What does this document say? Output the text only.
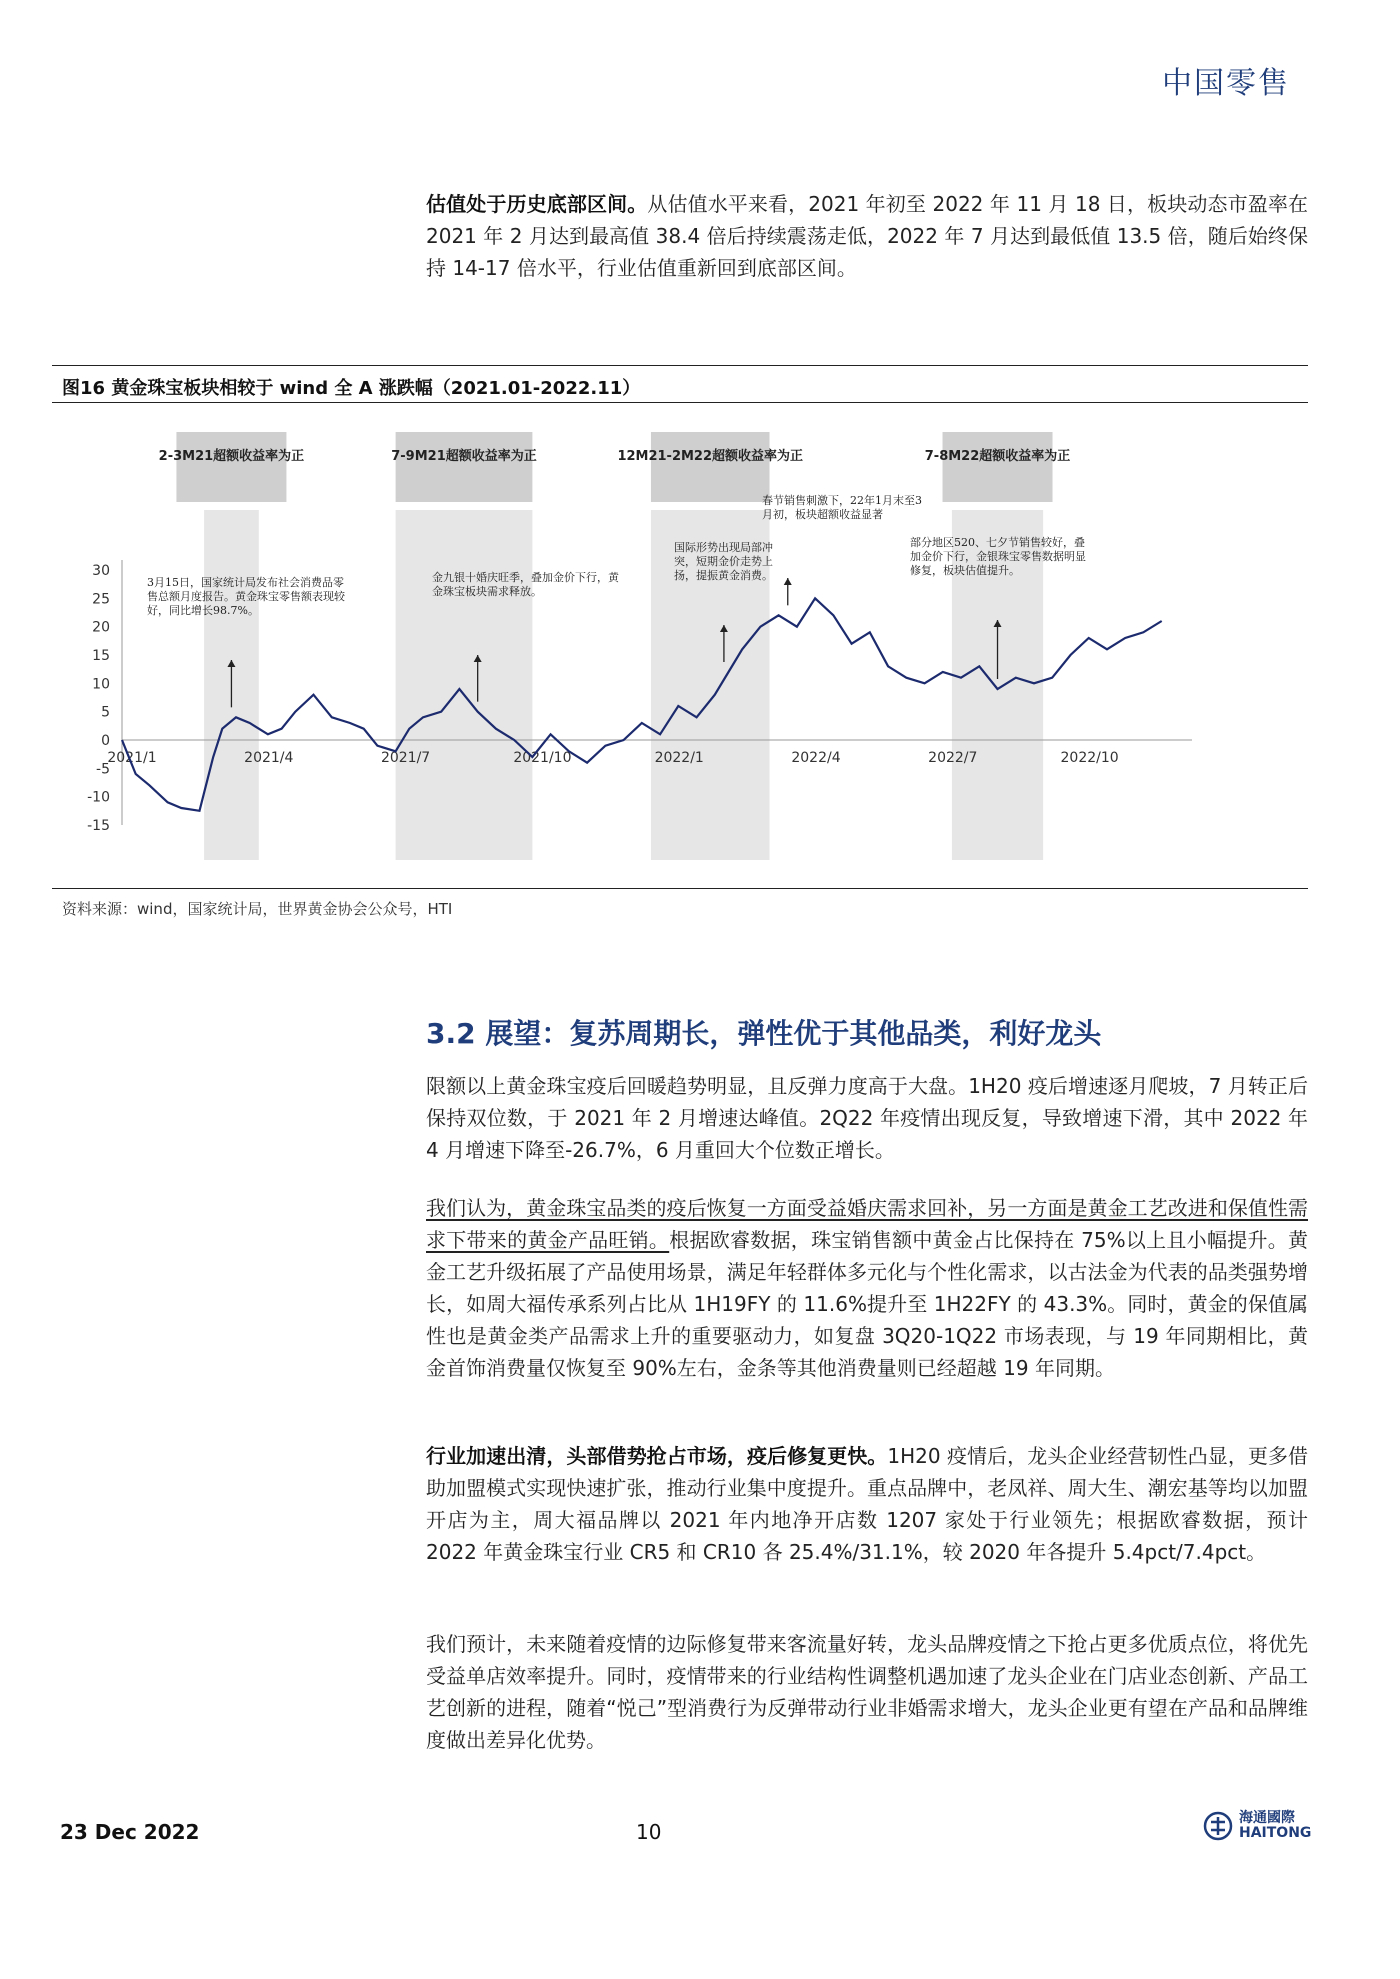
中国零售

估值处于历史底部区间。从估值水平来看，2021 年初至 2022 年 11 月 18 日，板块动态市盈率在 2021 年 2 月达到最高值 38.4 倍后持续震荡走低，2022 年 7 月达到最低值 13.5 倍，随后始终保持 14-17 倍水平，行业估值重新回到底部区间。

图16 黄金珠宝板块相较于 wind 全 A 涨跌幅（2021.01-2022.11）
2-3M21超额收益率为正	7-9M21超额收益率为正	12M21-2M22超额收益率为正	7-8M22超额收益率为正
30
25
20
15
10
5
0
-5
-10
-15
2021/1	2021/4	2021/7	2021/10	2022/1	2022/4	2022/7	2022/10
3月15日，国家统计局发布社会消费品零售总额月度报告。黄金珠宝零售额表现较好，同比增长98.7%。
金九银十婚庆旺季，叠加金价下行，黄金珠宝板块需求释放。
国际形势出现局部冲突，短期金价走势上扬，提振黄金消费。
春节销售刺激下，22年1月末至3月初，板块超额收益显著
部分地区520、七夕节销售较好，叠加金价下行，金银珠宝零售数据明显修复，板块估值提升。
资料来源：wind，国家统计局，世界黄金协会公众号，HTI
3.2 展望：复苏周期长，弹性优于其他品类，利好龙头

限额以上黄金珠宝疫后回暖趋势明显，且反弹力度高于大盘。1H20 疫后增速逐月爬坡，7 月转正后保持双位数，于 2021 年 2 月增速达峰值。2Q22 年疫情出现反复，导致增速下滑，其中 2022 年 4 月增速下降至-26.7%，6 月重回大个位数正增长。

我们认为，黄金珠宝品类的疫后恢复一方面受益婚庆需求回补，另一方面是黄金工艺改进和保值性需求下带来的黄金产品旺销。根据欧睿数据，珠宝销售额中黄金占比保持在 75%以上且小幅提升。黄金工艺升级拓展了产品使用场景，满足年轻群体多元化与个性化需求，以古法金为代表的品类强势增长，如周大福传承系列占比从 1H19FY 的 11.6%提升至 1H22FY 的 43.3%。同时，黄金的保值属性也是黄金类产品需求上升的重要驱动力，如复盘 3Q20-1Q22 市场表现，与 19 年同期相比，黄金首饰消费量仅恢复至 90%左右，金条等其他消费量则已经超越 19 年同期。

行业加速出清，头部借势抢占市场，疫后修复更快。1H20 疫情后，龙头企业经营韧性凸显，更多借助加盟模式实现快速扩张，推动行业集中度提升。重点品牌中，老凤祥、周大生、潮宏基等均以加盟开店为主，周大福品牌以 2021 年内地净开店数 1207 家处于行业领先；根据欧睿数据，预计 2022 年黄金珠宝行业 CR5 和 CR10 各 25.4%/31.1%，较 2020 年各提升 5.4pct/7.4pct。

我们预计，未来随着疫情的边际修复带来客流量好转，龙头品牌疫情之下抢占更多优质点位，将优先受益单店效率提升。同时，疫情带来的行业结构性调整机遇加速了龙头企业在门店业态创新、产品工艺创新的进程，随着“悦己”型消费行为反弹带动行业非婚需求增大，龙头企业更有望在产品和品牌维度做出差异化优势。

23 Dec 2022	10
海通國際
HAITONG
